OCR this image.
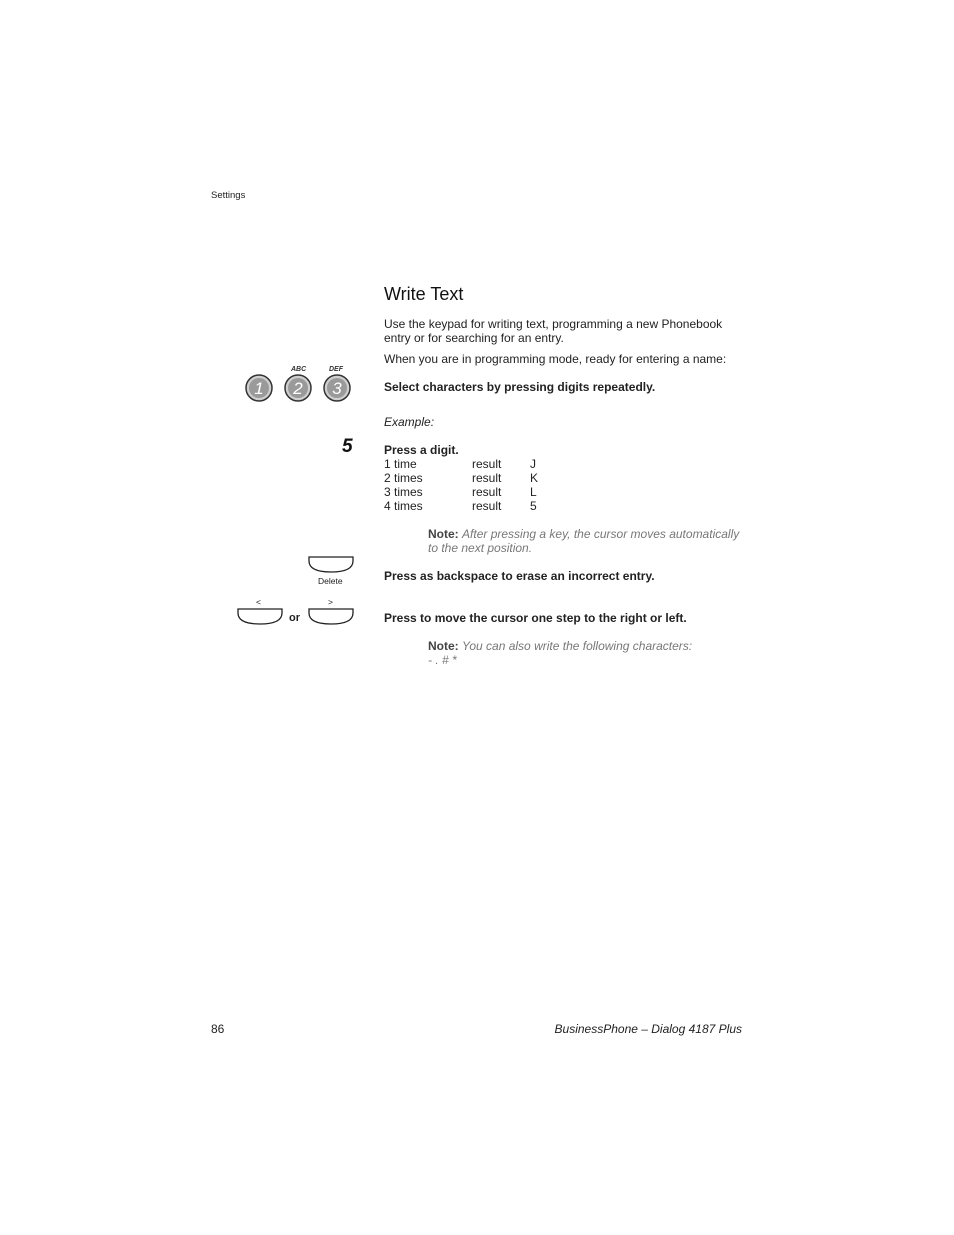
Settings
Write Text
Use the keypad for writing text, programming a new Phonebook entry or for searching for an entry.
When you are in programming mode, ready for entering a name:
ABC	DEF
1 2 3	Select characters by pressing digits repeatedly.
Example:
5	Press a digit.
1 time	result J
2 times	result K
3 times	result L
4 times	result 5
Note: After pressing a key, the cursor moves automatically to the next position.
Delete	Press as backspace to erase an incorrect entry.
<
or
>
Press to move the cursor one step to the right or left.
Note: You can also write the following characters:
- . # *
86	BusinessPhone – Dialog 4187 Plus
